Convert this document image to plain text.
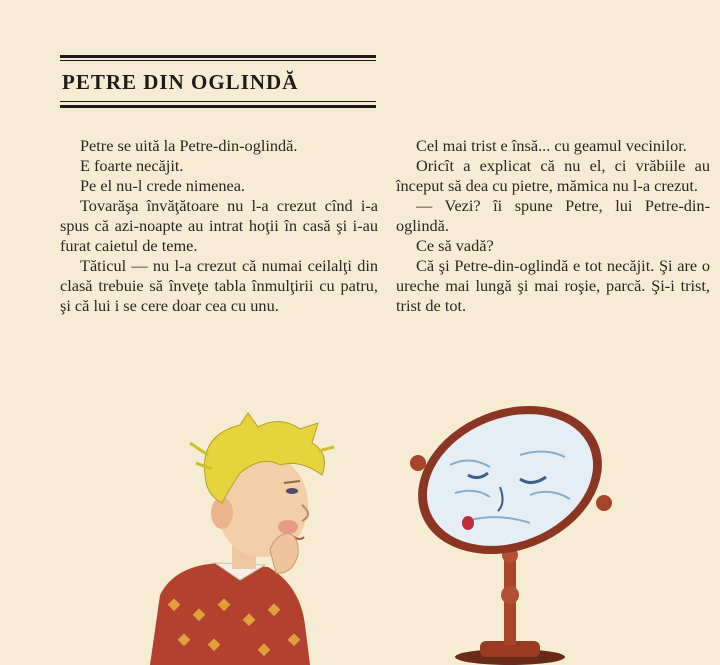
PETRE DIN OGLINDĂ

Petre se uită la Petre-din-oglindă.

E foarte necăjit.

Pe el nu-l crede nimenea.

Tovarăşa învăţătoare nu l-a crezut cînd i-a spus că azi-noapte au intrat hoţii în casă şi i-au furat caietul de teme.

Tăticul — nu l-a crezut că numai ceilalţi din clasă trebuie să înveţe tabla înmulţirii cu patru, şi că lui i se cere doar cea cu unu.

Cel mai trist e însă... cu geamul vecinilor.

Oricît a explicat că nu el, ci vrăbiile au început să dea cu pietre, mămica nu l-a crezut.

— Vezi? îi spune Petre, lui Petre-din-oglindă.

Ce să vadă?

Că şi Petre-din-oglindă e tot necăjit. Şi are o ureche mai lungă şi mai roşie, parcă. Şi-i trist, trist de tot.
